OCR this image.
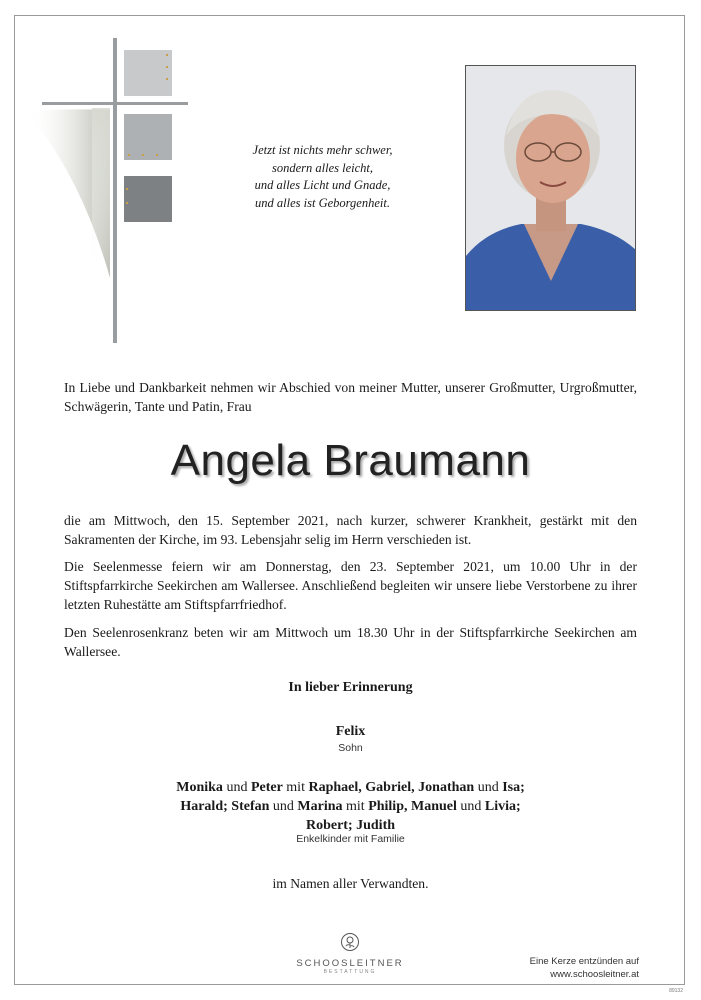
Jetzt ist nichts mehr schwer,
sondern alles leicht,
und alles Licht und Gnade,
und alles ist Geborgenheit.
In Liebe und Dankbarkeit nehmen wir Abschied von meiner Mutter, unserer Großmutter, Urgroßmutter, Schwägerin, Tante und Patin, Frau
Angela Braumann
die am Mittwoch, den 15. September 2021, nach kurzer, schwerer Krankheit, gestärkt mit den Sakramenten der Kirche, im 93. Lebensjahr selig im Herrn verschieden ist.
Die Seelenmesse feiern wir am Donnerstag, den 23. September 2021, um 10.00 Uhr in der Stiftspfarrkirche Seekirchen am Wallersee. Anschließend begleiten wir unsere liebe Verstorbene zu ihrer letzten Ruhestätte am Stiftspfarrfriedhof.
Den Seelenrosenkranz beten wir am Mittwoch um 18.30 Uhr in der Stiftspfarrkirche Seekirchen am Wallersee.
In lieber Erinnerung
Felix
Sohn
Monika und Peter mit Raphael, Gabriel, Jonathan und Isa;
Harald; Stefan und Marina mit Philip, Manuel und Livia;
Robert; Judith
Enkelkinder mit Familie
im Namen aller Verwandten.
SCHOOSLEITNER
BESTATTUNG
Eine Kerze entzünden auf
www.schoosleitner.at
89132
